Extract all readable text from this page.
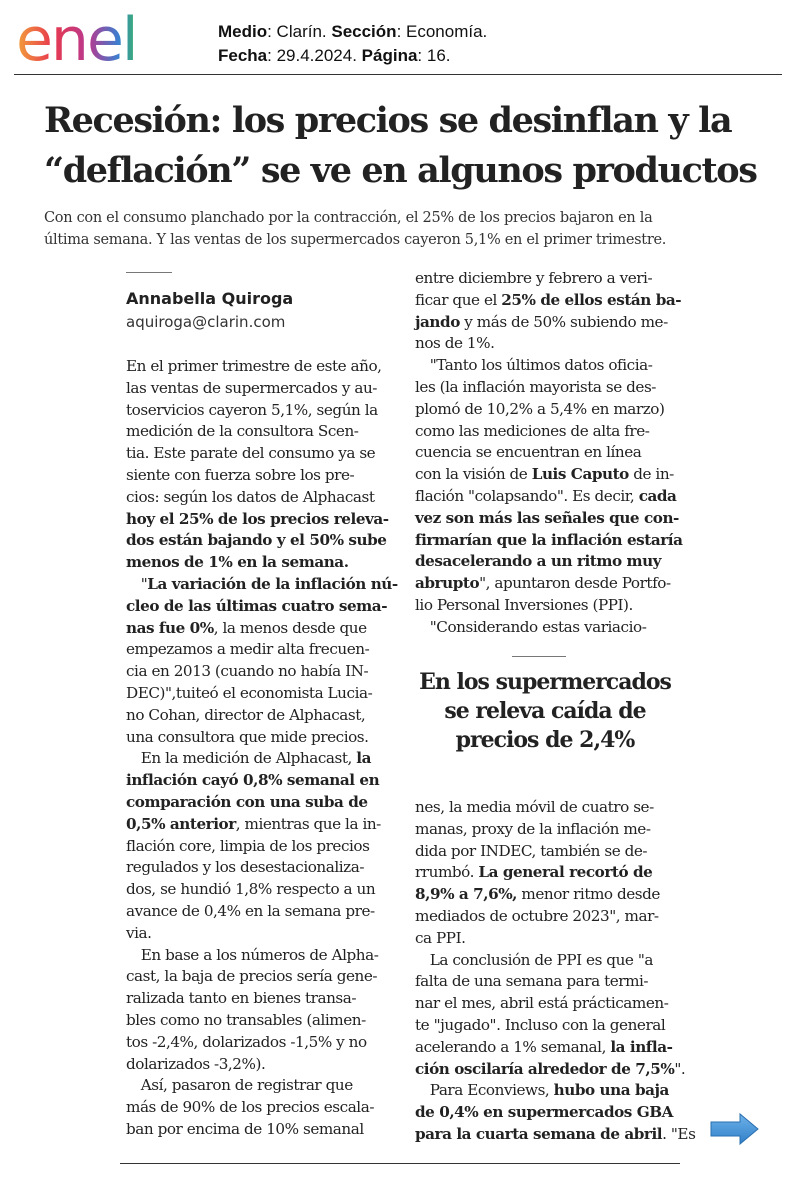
enel	Medio: Clarín. Sección: Economía.
Fecha: 29.4.2024. Página: 16.
Recesión: los precios se desinflan y la
“deflación” se ve en algunos productos

Con con el consumo planchado por la contracción, el 25% de los precios bajaron en la
última semana. Y las ventas de los supermercados cayeron 5,1% en el primer trimestre.

Annabella Quiroga
aquiroga@clarin.com
En el primer trimestre de este año,
las ventas de supermercados y au-
toservicios cayeron 5,1%, según la
medición de la consultora Scen-
tia. Este parate del consumo ya se
siente con fuerza sobre los pre-
cios: según los datos de Alphacast
hoy el 25% de los precios releva-
dos están bajando y el 50% sube
menos de 1% en la semana.
 "La variación de la inflación nú-
cleo de las últimas cuatro sema-
nas fue 0%, la menos desde que
empezamos a medir alta frecuen-
cia en 2013 (cuando no había IN-
DEC)",tuiteó el economista Lucia-
no Cohan, director de Alphacast,
una consultora que mide precios.
 En la medición de Alphacast, la
inflación cayó 0,8% semanal en
comparación con una suba de
0,5% anterior, mientras que la in-
flación core, limpia de los precios
regulados y los desestacionaliza-
dos, se hundió 1,8% respecto a un
avance de 0,4% en la semana pre-
via.
 En base a los números de Alpha-
cast, la baja de precios sería gene-
ralizada tanto en bienes transa-
bles como no transables (alimen-
tos -2,4%, dolarizados -1,5% y no
dolarizados -3,2%).
 Así, pasaron de registrar que
más de 90% de los precios escala-
ban por encima de 10% semanal
entre diciembre y febrero a veri-
ficar que el 25% de ellos están ba-
jando y más de 50% subiendo me-
nos de 1%.
 "Tanto los últimos datos oficia-
les (la inflación mayorista se des-
plomó de 10,2% a 5,4% en marzo)
como las mediciones de alta fre-
cuencia se encuentran en línea
con la visión de Luis Caputo de in-
flación "colapsando". Es decir, cada
vez son más las señales que con-
firmarían que la inflación estaría
desacelerando a un ritmo muy
abrupto", apuntaron desde Portfo-
lio Personal Inversiones (PPI).
 "Considerando estas variacio-
En los supermercados
se releva caída de
precios de 2,4%
nes, la media móvil de cuatro se-
manas, proxy de la inflación me-
dida por INDEC, también se de-
rrumbó. La general recortó de
8,9% a 7,6%, menor ritmo desde
mediados de octubre 2023", mar-
ca PPI.
 La conclusión de PPI es que "a
falta de una semana para termi-
nar el mes, abril está prácticamen-
te "jugado". Incluso con la general
acelerando a 1% semanal, la infla-
ción oscilaría alrededor de 7,5%".
 Para Econviews, hubo una baja
de 0,4% en supermercados GBA
para la cuarta semana de abril. "Es
